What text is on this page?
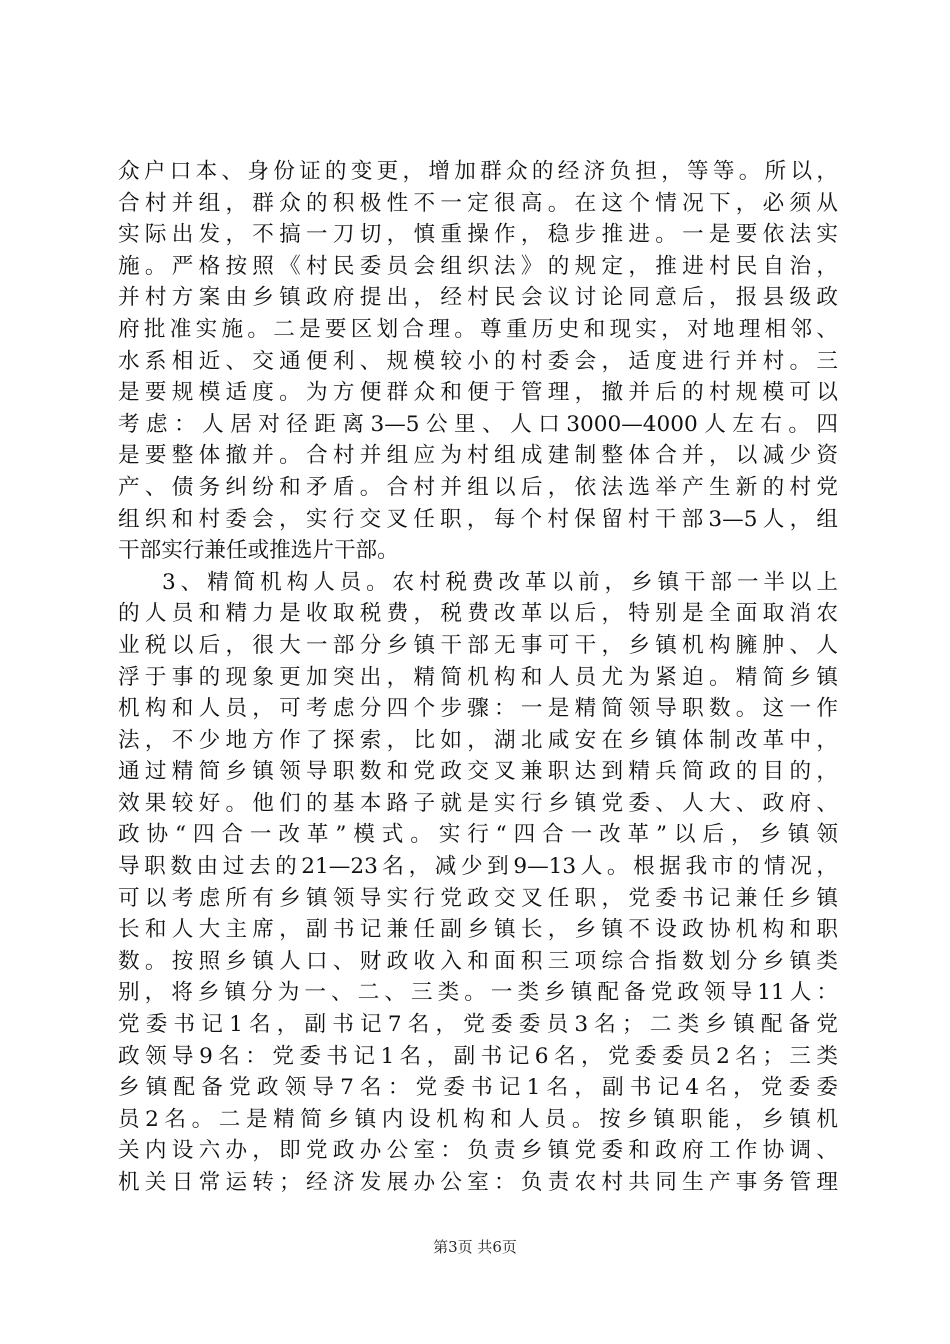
众户口本、身份证的变更，增加群众的经济负担，等等。所以，
合村并组，群众的积极性不一定很高。在这个情况下，必须从
实际出发，不搞一刀切，慎重操作，稳步推进。一是要依法实
施。严格按照《村民委员会组织法》的规定，推进村民自治，
并村方案由乡镇政府提出，经村民会议讨论同意后，报县级政
府批准实施。二是要区划合理。尊重历史和现实，对地理相邻、
水系相近、交通便利、规模较小的村委会，适度进行并村。三
是要规模适度。为方便群众和便于管理，撤并后的村规模可以
考虑：人居对径距离3—5公里、人口3000—4000人左右。四
是要整体撤并。合村并组应为村组成建制整体合并，以减少资
产、债务纠纷和矛盾。合村并组以后，依法选举产生新的村党
组织和村委会，实行交叉任职，每个村保留村干部3—5人，组
干部实行兼任或推选片干部。
3、精简机构人员。农村税费改革以前，乡镇干部一半以上
的人员和精力是收取税费，税费改革以后，特别是全面取消农
业税以后，很大一部分乡镇干部无事可干，乡镇机构臃肿、人
浮于事的现象更加突出，精简机构和人员尤为紧迫。精简乡镇
机构和人员，可考虑分四个步骤：一是精简领导职数。这一作
法，不少地方作了探索，比如，湖北咸安在乡镇体制改革中，
通过精简乡镇领导职数和党政交叉兼职达到精兵简政的目的，
效果较好。他们的基本路子就是实行乡镇党委、人大、政府、
政协“四合一改革”模式。实行“四合一改革”以后，乡镇领
导职数由过去的21—23名，减少到9—13人。根据我市的情况，
可以考虑所有乡镇领导实行党政交叉任职，党委书记兼任乡镇
长和人大主席，副书记兼任副乡镇长，乡镇不设政协机构和职
数。按照乡镇人口、财政收入和面积三项综合指数划分乡镇类
别，将乡镇分为一、二、三类。一类乡镇配备党政领导11人：
党委书记1名，副书记7名，党委委员3名；二类乡镇配备党
政领导9名：党委书记1名，副书记6名，党委委员2名；三类
乡镇配备党政领导7名：党委书记1名，副书记4名，党委委
员2名。二是精简乡镇内设机构和人员。按乡镇职能，乡镇机
关内设六办，即党政办公室：负责乡镇党委和政府工作协调、
机关日常运转；经济发展办公室：负责农村共同生产事务管理
第3页 共6页
